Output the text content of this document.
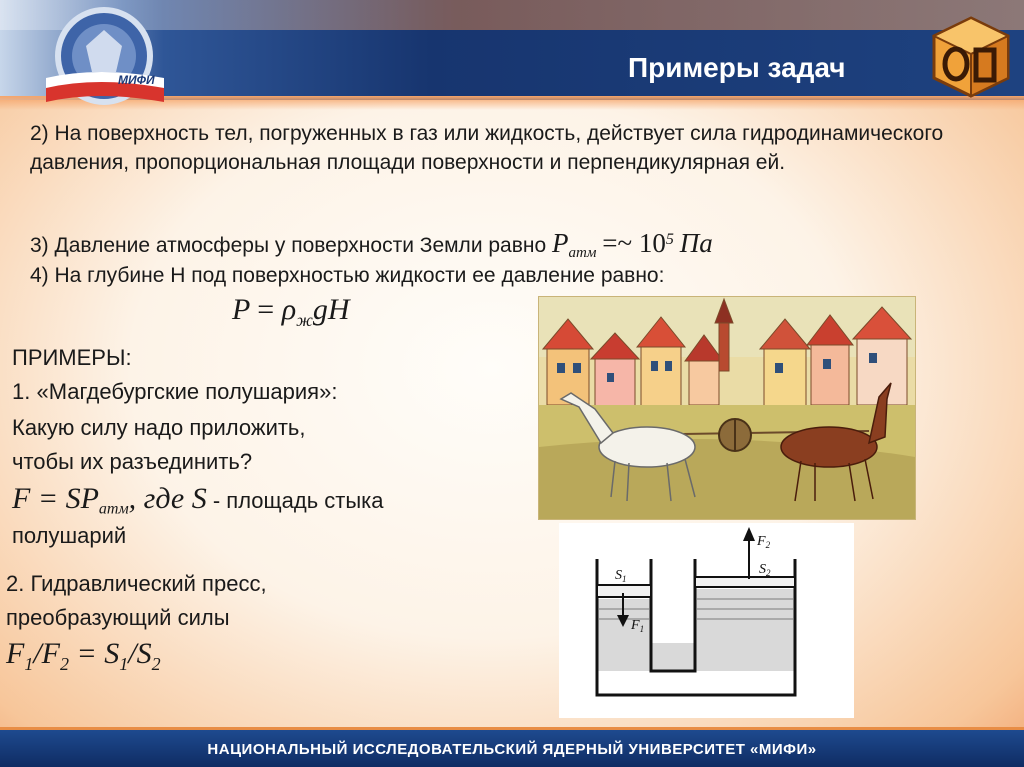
МИФИ	Примеры задач
2) На поверхность тел, погруженных в газ или жидкость, действует сила гидродинамического давления, пропорциональная площади поверхности и перпендикулярная ей.
3) Давление атмосферы у поверхности Земли равно $P_{атм}$ =~ $10^5$ Па
4) На глубине H под поверхностью жидкости ее давление равно:
$P = \rho_жgH$
ПРИМЕРЫ:
1. «Магдебургские полушария»:
Какую силу надо приложить,
чтобы их разъединить?
$F = SP_{атм}$, где S - площадь стыка
полушарий
2. Гидравлический пресс,
преобразующий силы
$F_1/F_2 = S_1/S_2$
$S_1$
$S_2$
$F_1$
$F_2$
НАЦИОНАЛЬНЫЙ ИССЛЕДОВАТЕЛЬСКИЙ ЯДЕРНЫЙ УНИВЕРСИТЕТ «МИФИ»
